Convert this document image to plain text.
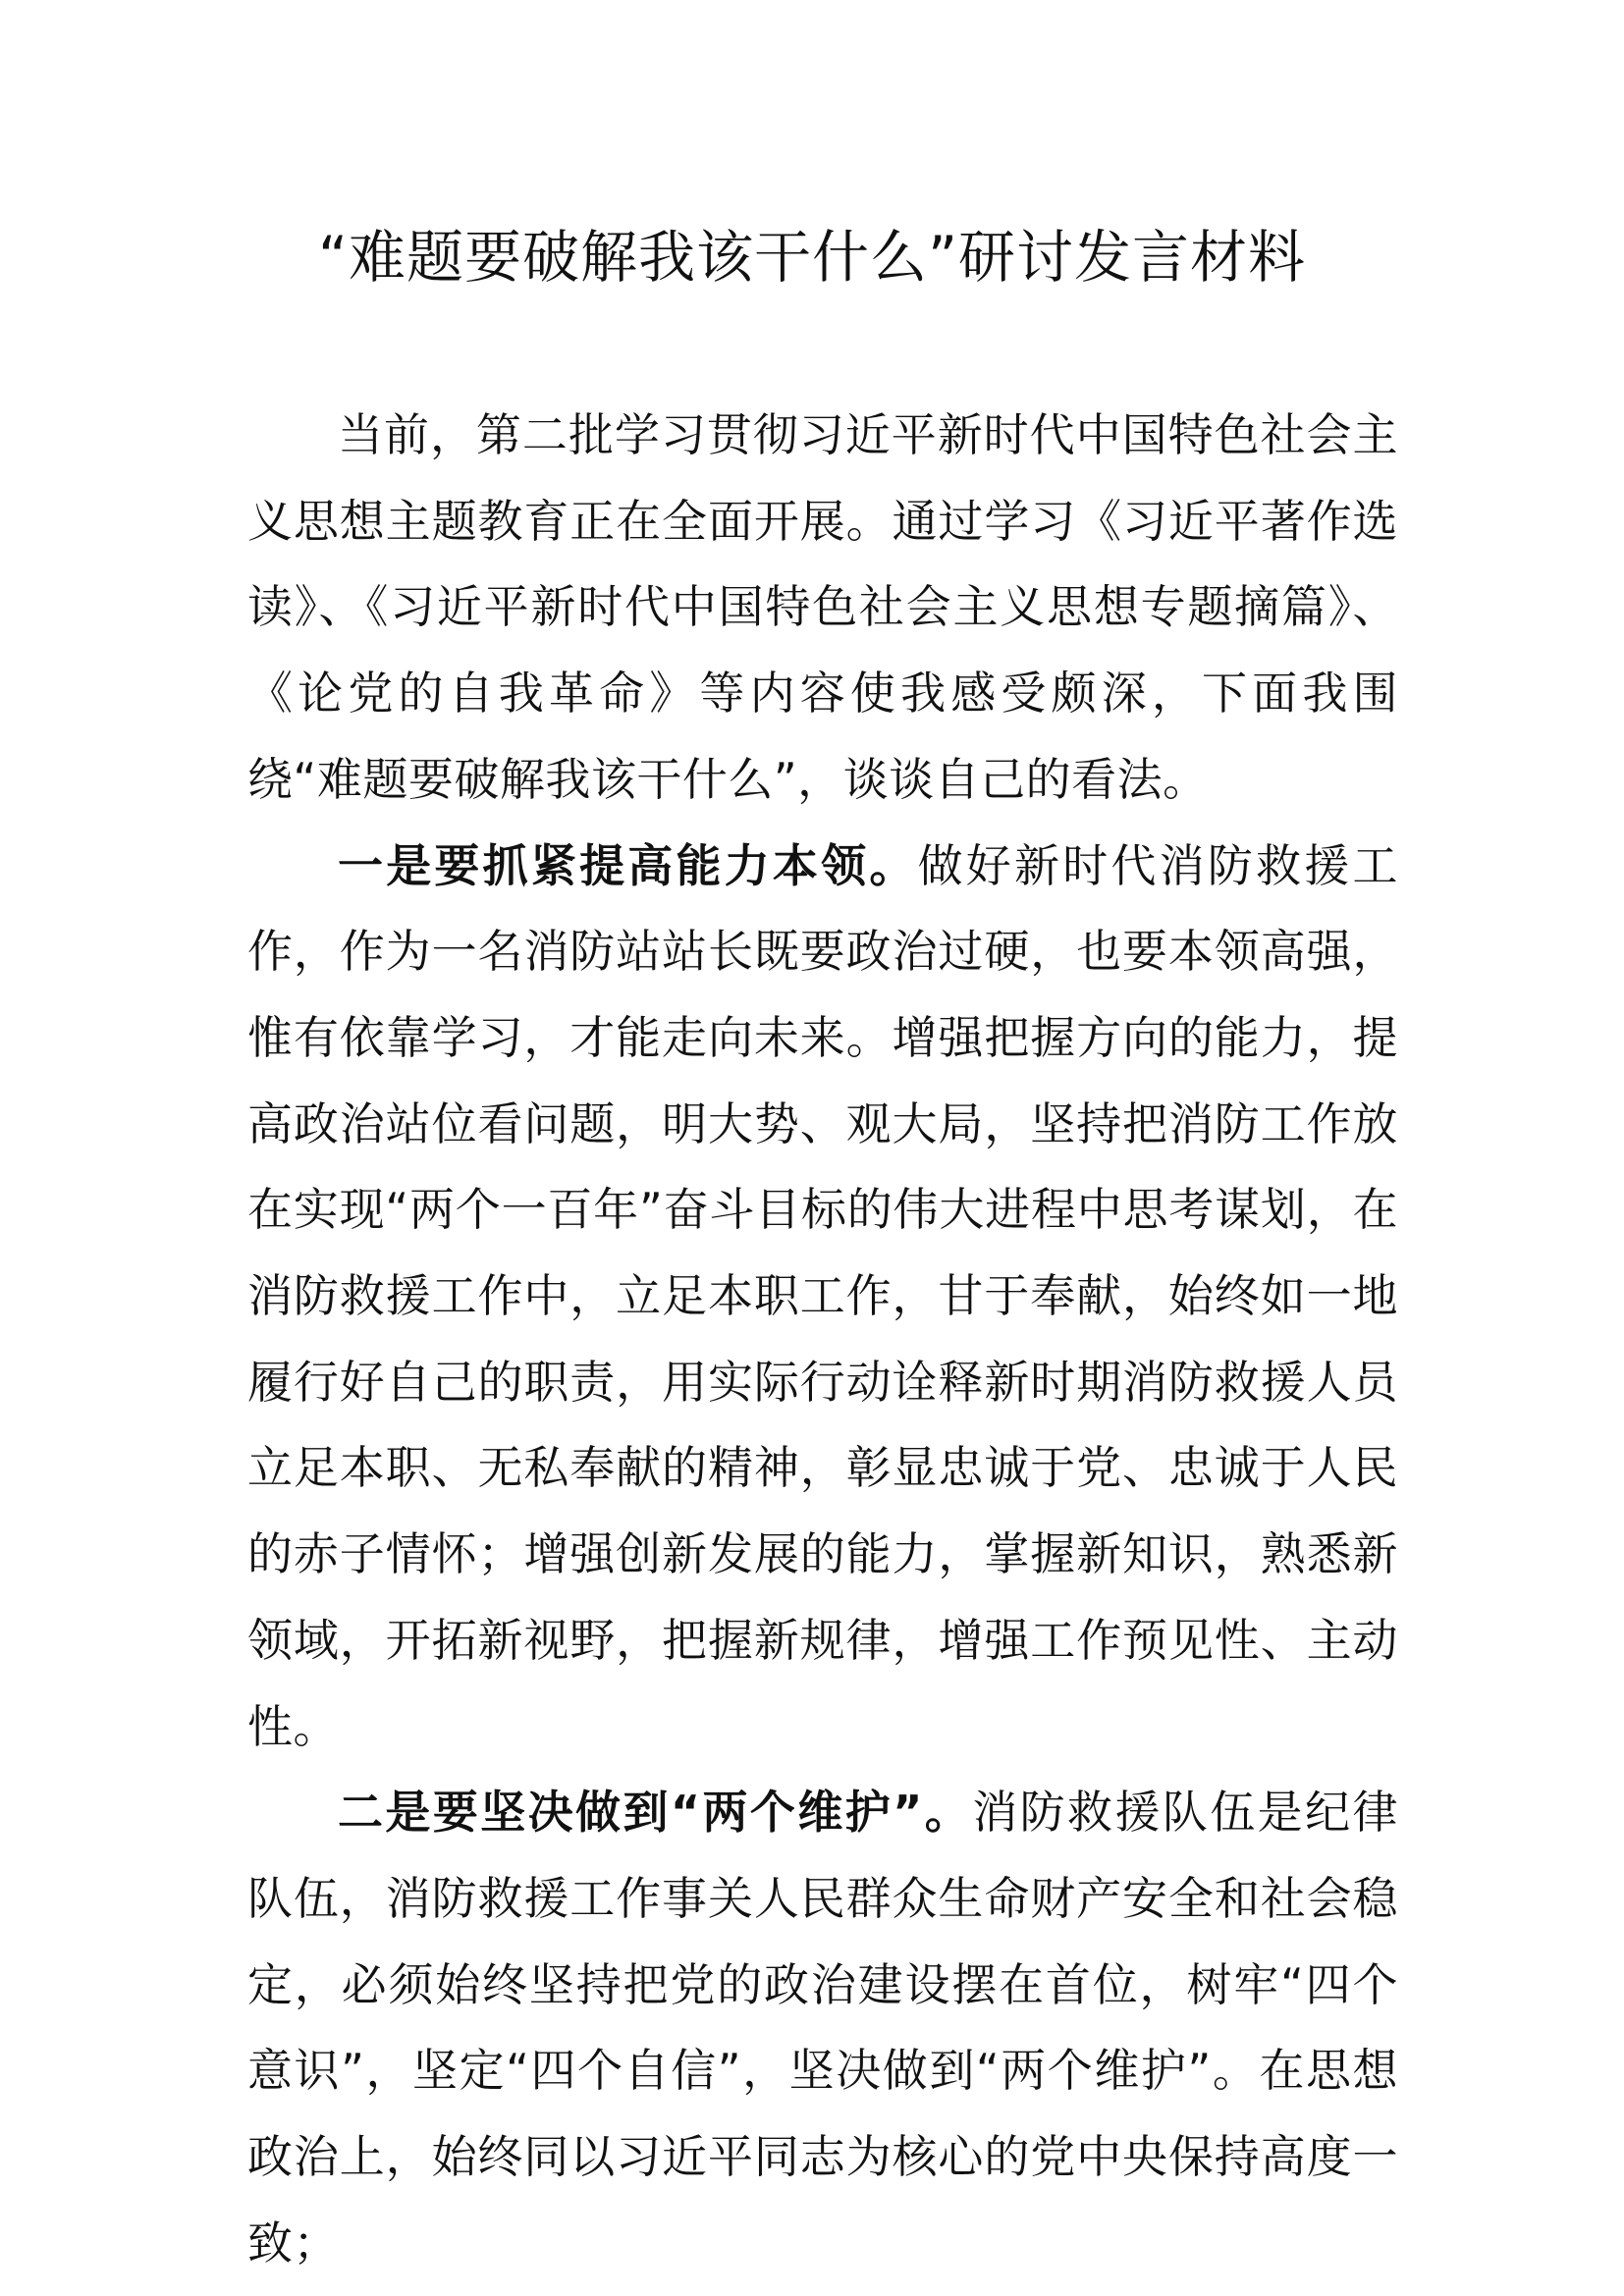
“难题要破解我该干什么”研讨发言材料

当前，第二批学习贯彻习近平新时代中国特色社会主义思想主题教育正在全面开展。通过学习《习近平著作选读》、《习近平新时代中国特色社会主义思想专题摘篇》、《论党的自我革命》等内容使我感受颇深，下面我围绕“难题要破解我该干什么”，谈谈自己的看法。

一是要抓紧提高能力本领。做好新时代消防救援工作，作为一名消防站站长既要政治过硬，也要本领高强，惟有依靠学习，才能走向未来。增强把握方向的能力，提高政治站位看问题，明大势、观大局，坚持把消防工作放在实现“两个一百年”奋斗目标的伟大进程中思考谋划，在消防救援工作中，立足本职工作，甘于奉献，始终如一地履行好自己的职责，用实际行动诠释新时期消防救援人员立足本职、无私奉献的精神，彰显忠诚于党、忠诚于人民的赤子情怀；增强创新发展的能力，掌握新知识，熟悉新领域，开拓新视野，把握新规律，增强工作预见性、主动性。

二是要坚决做到“两个维护”。消防救援队伍是纪律队伍，消防救援工作事关人民群众生命财产安全和社会稳定，必须始终坚持把党的政治建设摆在首位，树牢“四个意识”，坚定“四个自信”，坚决做到“两个维护”。在思想政治上，始终同以习近平同志为核心的党中央保持高度一致；
